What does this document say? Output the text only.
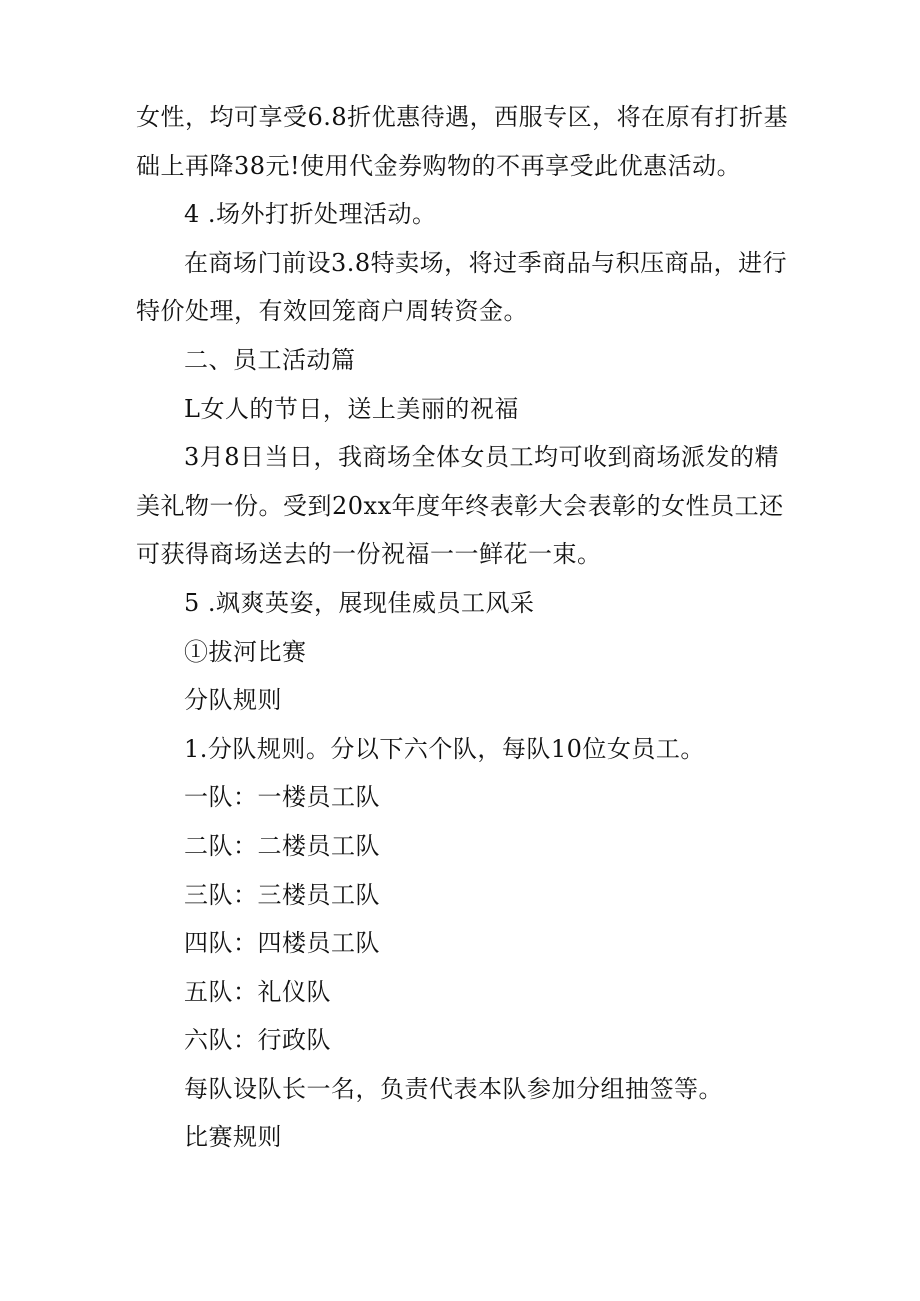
女性，均可享受6.8折优惠待遇，西服专区，将在原有打折基础上再降38元!使用代金券购物的不再享受此优惠活动。

4 .场外打折处理活动。

在商场门前设3.8特卖场，将过季商品与积压商品，进行特价处理，有效回笼商户周转资金。

二、员工活动篇

L女人的节日，送上美丽的祝福

3月8日当日，我商场全体女员工均可收到商场派发的精美礼物一份。受到20xx年度年终表彰大会表彰的女性员工还可获得商场送去的一份祝福一一鲜花一束。

5 .飒爽英姿，展现佳威员工风采

①拔河比赛

分队规则

1.分队规则。分以下六个队，每队10位女员工。

一队：一楼员工队

二队：二楼员工队

三队：三楼员工队

四队：四楼员工队

五队：礼仪队

六队：行政队

每队设队长一名，负责代表本队参加分组抽签等。

比赛规则
